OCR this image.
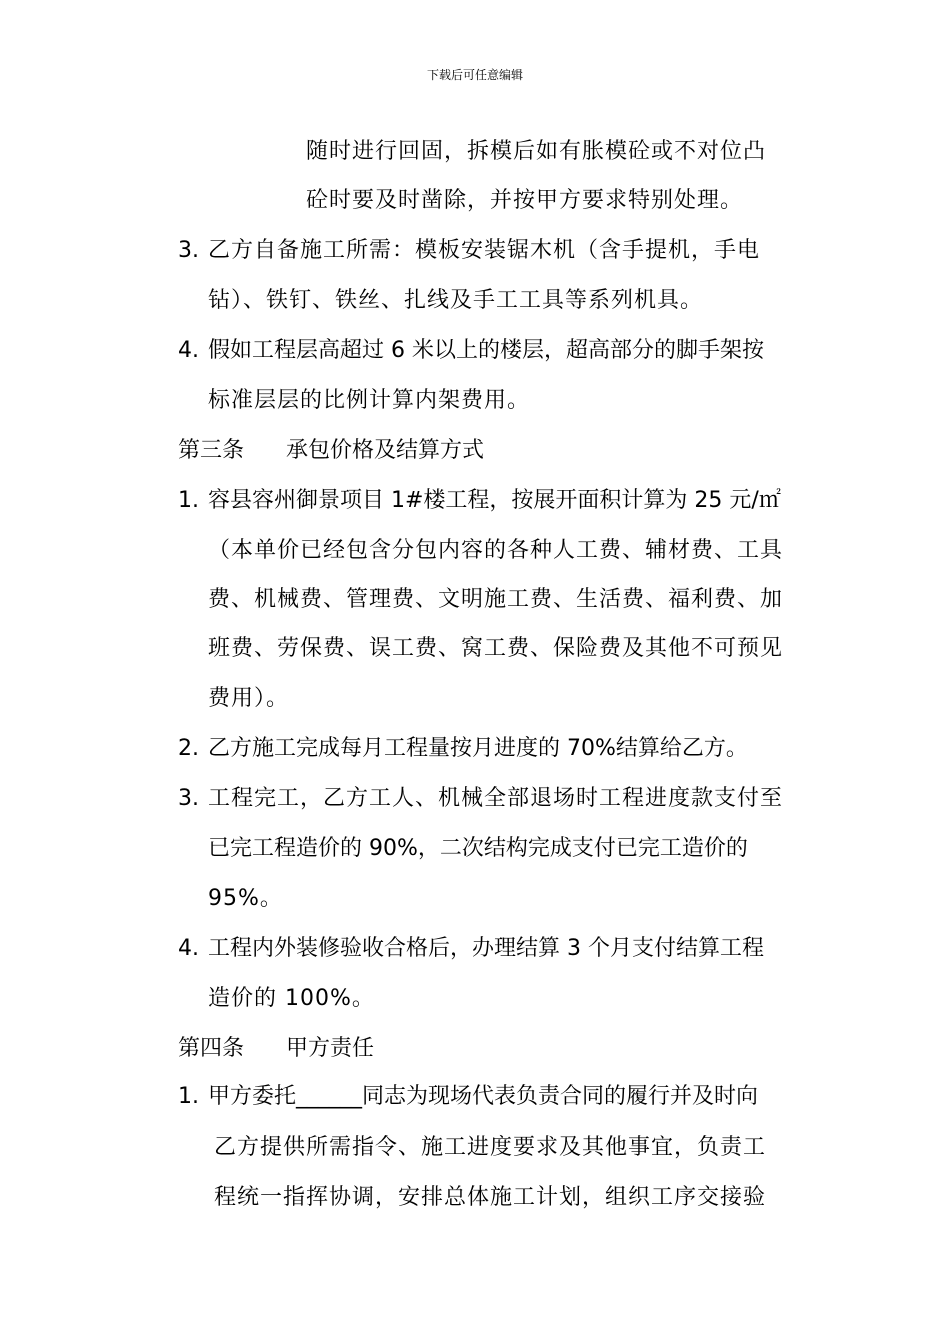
下载后可任意编辑
随时进行回固，拆模后如有胀模砼或不对位凸
砼时要及时凿除，并按甲方要求特别处理。
3. 乙方自备施工所需：模板安装锯木机（含手提机，手电
钻）、铁钉、铁丝、扎线及手工工具等系列机具。
4. 假如工程层高超过 6 米以上的楼层，超高部分的脚手架按
标准层层的比例计算内架费用。
第三条 承包价格及结算方式
1. 容县容州御景项目 1#楼工程，按展开面积计算为 25 元/㎡
（本单价已经包含分包内容的各种人工费、辅材费、工具
费、机械费、管理费、文明施工费、生活费、福利费、加
班费、劳保费、误工费、窝工费、保险费及其他不可预见
费用）。
2. 乙方施工完成每月工程量按月进度的 70%结算给乙方。
3. 工程完工，乙方工人、机械全部退场时工程进度款支付至
已完工程造价的 90%，二次结构完成支付已完工造价的
95%。
4. 工程内外装修验收合格后，办理结算 3 个月支付结算工程
造价的 100%。
第四条 甲方责任
1. 甲方委托______同志为现场代表负责合同的履行并及时向
乙方提供所需指令、施工进度要求及其他事宜，负责工
程统一指挥协调，安排总体施工计划，组织工序交接验
